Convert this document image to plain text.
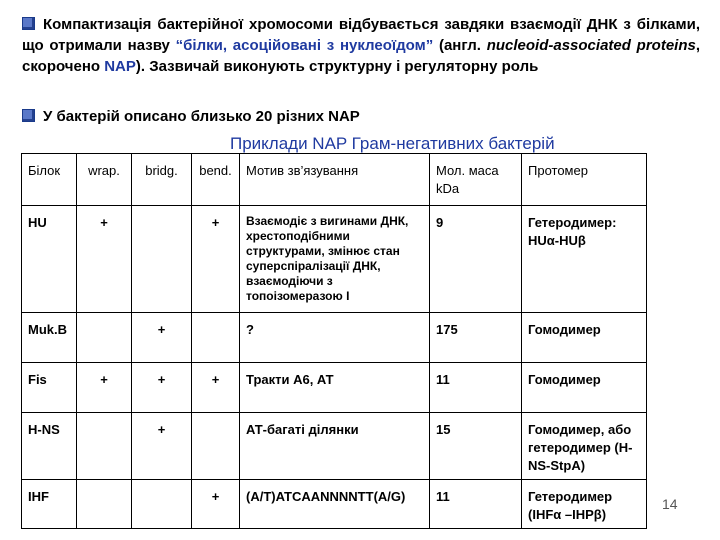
Компактизація бактерійної хромосоми відбувається завдяки взаємодії ДНК з білками, що отримали назву “білки, асоційовані з нуклеоїдом” (англ. nucleoid-associated proteins, скорочено NAP). Зазвичай виконують структурну і регуляторну роль
У бактерій описано близько 20 різних NAP
Приклади NAP Грам-негативних бактерій
Білок	wrap.	bridg.	bend.	Мотив зв’язування	Мол. маса kDa	Протомер
HU	+		+	Взаємодіє з вигинами ДНК, хрестоподібними структурами, змінює стан суперспіралізації ДНК, взаємодіючи з топоізомеразою I	9	Гетеродимер: HUα-HUβ
Muk.B		+		?	175	Гомодимер
Fis	+	+	+	Тракти А6, АТ	11	Гомодимер
H-NS		+		АТ-багаті ділянки	15	Гомодимер, або гетеродимер (H-NS-StpA)
IHF			+	(A/T)ATCAANNNNTT(A/G)	11	Гетеродимер (IHFα –IHPβ)
14
